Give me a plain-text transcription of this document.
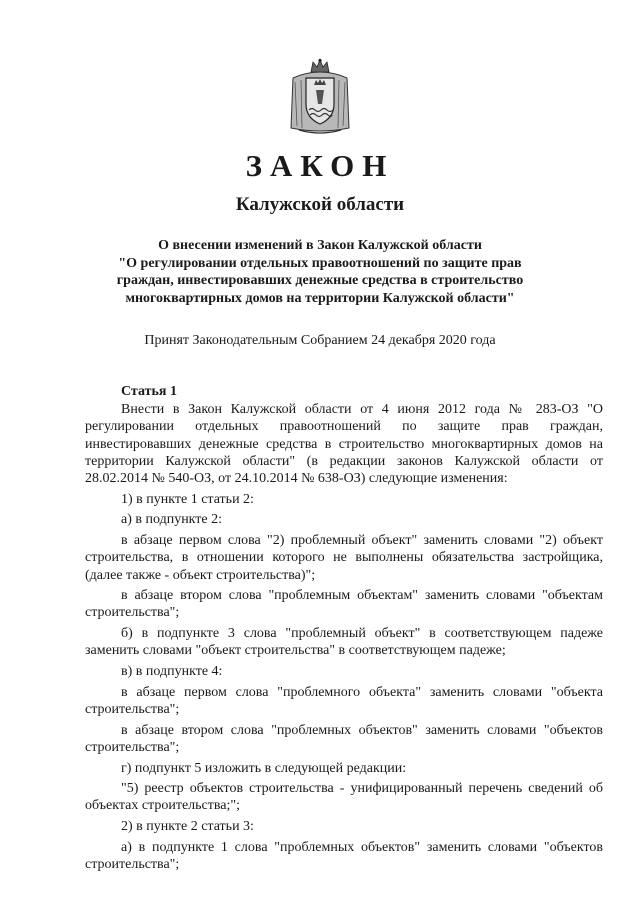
ЗАКОН
Калужской области
О внесении изменений в Закон Калужской области
"О регулировании отдельных правоотношений по защите прав
граждан, инвестировавших денежные средства в строительство
многоквартирных домов на территории Калужской области"
Принят Законодательным Собранием 24 декабря 2020 года
Статья 1

Внести в Закон Калужской области от 4 июня 2012 года № 283-ОЗ "О регулировании отдельных правоотношений по защите прав граждан, инвестировавших денежные средства в строительство многоквартирных домов на территории Калужской области" (в редакции законов Калужской области от 28.02.2014 № 540-ОЗ, от 24.10.2014 № 638-ОЗ) следующие изменения:

1) в пункте 1 статьи 2:

а) в подпункте 2:

в абзаце первом слова "2) проблемный объект" заменить словами "2) объект строительства, в отношении которого не выполнены обязательства застройщика, (далее также - объект строительства)";

в абзаце втором слова "проблемным объектам" заменить словами "объектам строительства";

б) в подпункте 3 слова "проблемный объект" в соответствующем падеже заменить словами "объект строительства" в соответствующем падеже;

в) в подпункте 4:

в абзаце первом слова "проблемного объекта" заменить словами "объекта строительства";

в абзаце втором слова "проблемных объектов" заменить словами "объектов строительства";

г) подпункт 5 изложить в следующей редакции:

"5) реестр объектов строительства - унифицированный перечень сведений об объектах строительства;";

2) в пункте 2 статьи 3:

а) в подпункте 1 слова "проблемных объектов" заменить словами "объектов строительства";
